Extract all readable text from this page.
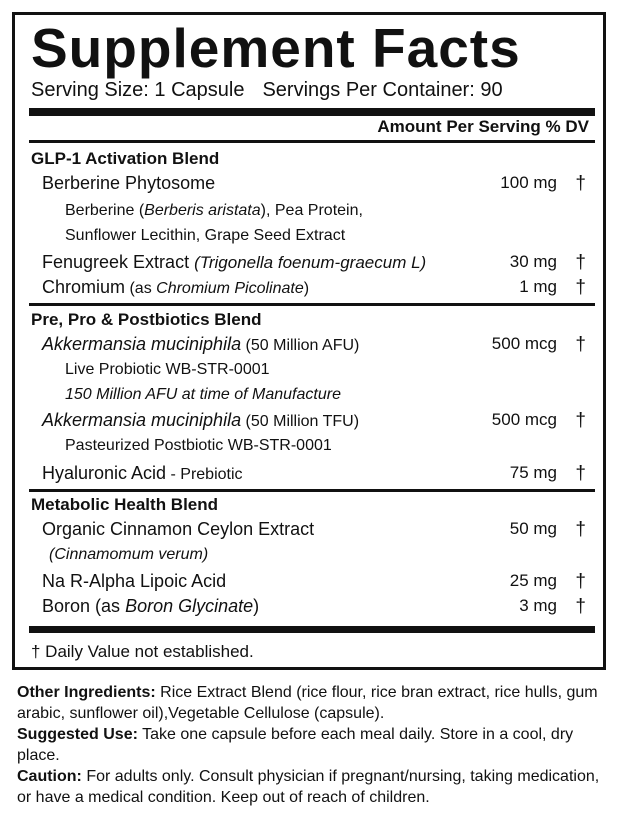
Supplement Facts
Serving Size: 1 Capsule Servings Per Container: 90
Amount Per Serving % DV
GLP-1 Activation Blend
Berberine Phytosome	100 mg †
Berberine (Berberis aristata), Pea Protein,
Sunflower Lecithin, Grape Seed Extract
Fenugreek Extract (Trigonella foenum-graecum L)	30 mg †
Chromium (as Chromium Picolinate)	1 mg †
Pre, Pro & Postbiotics Blend
Akkermansia muciniphila (50 Million AFU)	500 mcg †
Live Probiotic WB-STR-0001
150 Million AFU at time of Manufacture
Akkermansia muciniphila (50 Million TFU)	500 mcg †
Pasteurized Postbiotic WB-STR-0001
Hyaluronic Acid - Prebiotic	75 mg †
Metabolic Health Blend
Organic Cinnamon Ceylon Extract	50 mg †
(Cinnamomum verum)
Na R-Alpha Lipoic Acid	25 mg †
Boron (as Boron Glycinate)	3 mg †
† Daily Value not established.

Other Ingredients: Rice Extract Blend (rice flour, rice bran extract, rice hulls, gum arabic, sunflower oil),Vegetable Cellulose (capsule).

Suggested Use: Take one capsule before each meal daily. Store in a cool, dry place.

Caution: For adults only. Consult physician if pregnant/nursing, taking medication, or have a medical condition. Keep out of reach of children.
